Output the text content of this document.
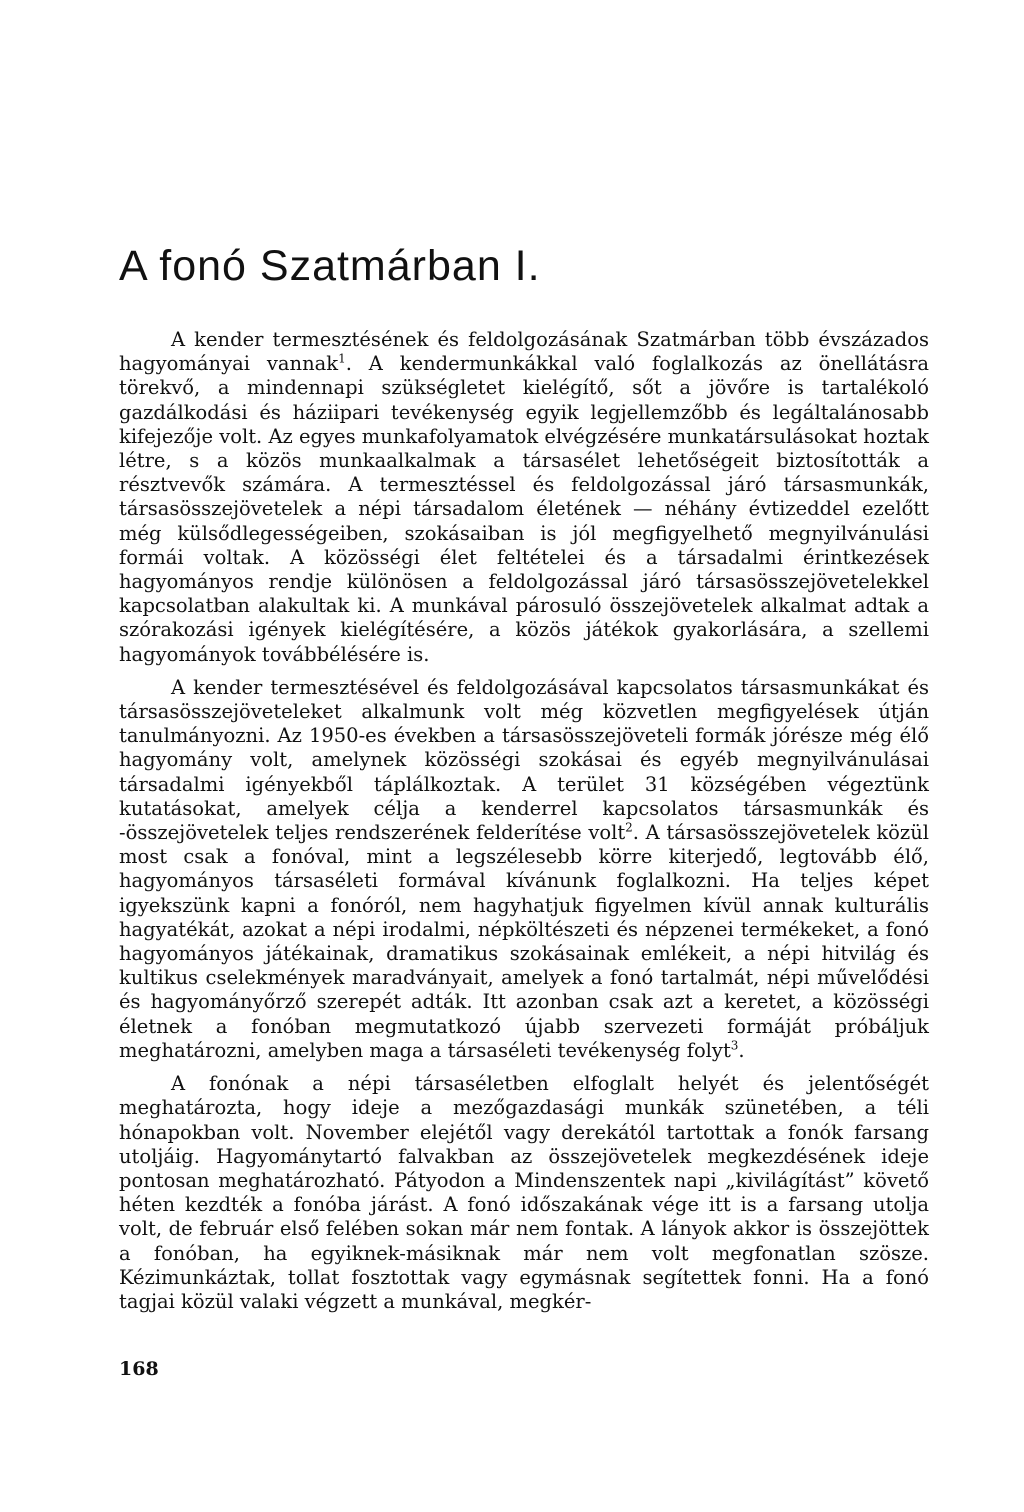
A fonó Szatmárban I.

A kender termesztésének és feldolgozásának Szatmárban több évszázados hagyományai vannak$^1$. A kendermunkákkal való foglalkozás az önellátásra törekvő, a mindennapi szükségletet kielégítő, sőt a jövőre is tartalékoló gazdálkodási és háziipari tevékenység egyik legjellemzőbb és legáltalánosabb kifejezője volt. Az egyes munkafolyamatok elvégzésére munkatársulásokat hoztak létre, s a közös munkaalkalmak a társasélet lehetőségeit biztosították a résztvevők számára. A termesztéssel és feldolgozással járó társasmunkák, társasösszejövetelek a népi társadalom életének — néhány évtizeddel ezelőtt még külsődlegességeiben, szokásaiban is jól megfigyelhető megnyilvánulási formái voltak. A közösségi élet feltételei és a társadalmi érintkezések hagyományos rendje különösen a feldolgozással járó társasösszejövetelekkel kapcsolatban alakultak ki. A munkával párosuló összejövetelek alkalmat adtak a szórakozási igények kielégítésére, a közös játékok gyakorlására, a szellemi hagyományok továbbélésére is.

A kender termesztésével és feldolgozásával kapcsolatos társasmunkákat és társasösszejöveteleket alkalmunk volt még közvetlen megfigyelések útján tanulmányozni. Az 1950-es években a társasösszejöveteli formák jórésze még élő hagyomány volt, amelynek közösségi szokásai és egyéb megnyilvánulásai társadalmi igényekből táplálkoztak. A terület 31 községében végeztünk kutatásokat, amelyek célja a kenderrel kapcsolatos társasmunkák és -összejövetelek teljes rendszerének felderítése volt$^2$. A társasösszejövetelek közül most csak a fonóval, mint a legszélesebb körre kiterjedő, legtovább élő, hagyományos társaséleti formával kívánunk foglalkozni. Ha teljes képet igyekszünk kapni a fonóról, nem hagyhatjuk figyelmen kívül annak kulturális hagyatékát, azokat a népi irodalmi, népköltészeti és népzenei termékeket, a fonó hagyományos játékainak, dramatikus szokásainak emlékeit, a népi hitvilág és kultikus cselekmények maradványait, amelyek a fonó tartalmát, népi művelődési és hagyományőrző szerepét adták. Itt azonban csak azt a keretet, a közösségi életnek a fonóban megmutatkozó újabb szervezeti formáját próbáljuk meghatározni, amelyben maga a társaséleti tevékenység folyt$^3$.

A fonónak a népi társaséletben elfoglalt helyét és jelentőségét meghatározta, hogy ideje a mezőgazdasági munkák szünetében, a téli hónapokban volt. November elejétől vagy derekától tartottak a fonók farsang utoljáig. Hagyománytartó falvakban az összejövetelek megkezdésének ideje pontosan meghatározható. Pátyodon a Mindenszentek napi „kivilágítást” követő héten kezdték a fonóba járást. A fonó időszakának vége itt is a farsang utolja volt, de február első felében sokan már nem fontak. A lányok akkor is összejöttek a fonóban, ha egyiknek-másiknak már nem volt megfonatlan szösze. Kézimunkáztak, tollat fosztottak vagy egymásnak segítettek fonni. Ha a fonó tagjai közül valaki végzett a munkával, megkér-

168
